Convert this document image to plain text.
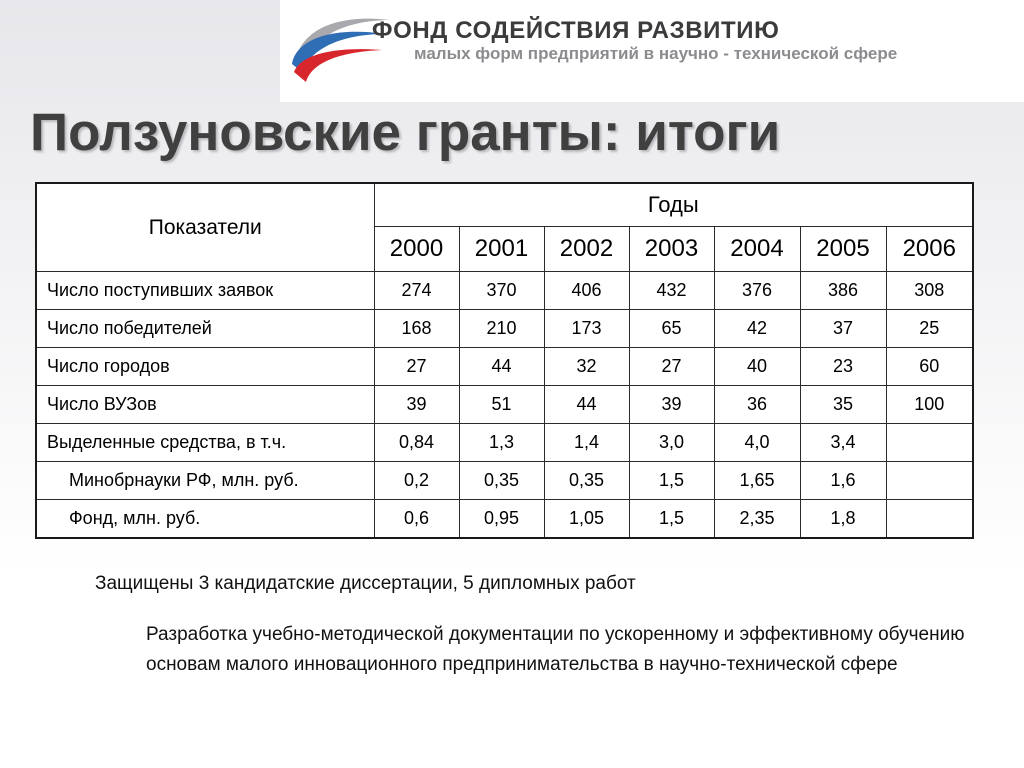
ФОНД СОДЕЙСТВИЯ РАЗВИТИЮ
малых форм предприятий в научно - технической сфере
Ползуновские гранты: итоги
Показатели	Годы						
	2000	2001	2002	2003	2004	2005	2006
Число поступивших заявок	274	370	406	432	376	386	308
Число победителей	168	210	173	65	42	37	25
Число городов	27	44	32	27	40	23	60
Число ВУЗов	39	51	44	39	36	35	100
Выделенные средства, в т.ч.	0,84	1,3	1,4	3,0	4,0	3,4	
Минобрнауки РФ, млн. руб.	0,2	0,35	0,35	1,5	1,65	1,6	
Фонд, млн. руб.	0,6	0,95	1,05	1,5	2,35	1,8	
Защищены 3 кандидатские диссертации, 5 дипломных работ
Разработка учебно-методической документации по ускоренному и эффективному обучению основам малого инновационного предпринимательства в научно-технической сфере
